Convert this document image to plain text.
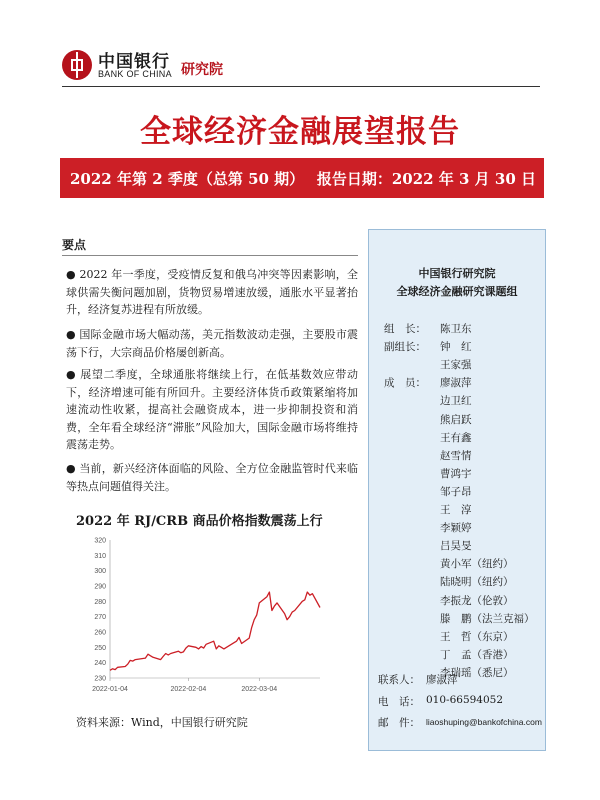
中国银行
BANK OF CHINA 研究院
全球经济金融展望报告
2022 年第 2 季度（总第 50 期） 报告日期：2022 年 3 月 30 日
要点
● 2022 年一季度，受疫情反复和俄乌冲突等因素影响，全球供需失衡问题加剧，货物贸易增速放缓，通胀水平显著抬升，经济复苏进程有所放缓。
● 国际金融市场大幅动荡，美元指数波动走强，主要股市震荡下行，大宗商品价格屡创新高。
● 展望二季度，全球通胀将继续上行，在低基数效应带动下，经济增速可能有所回升。主要经济体货币政策紧缩将加速流动性收紧，提高社会融资成本，进一步抑制投资和消费，全年看全球经济“滞胀”风险加大，国际金融市场将维持震荡走势。
● 当前，新兴经济体面临的风险、全方位金融监管时代来临等热点问题值得关注。
2022 年 RJ/CRB 商品价格指数震荡上行
230
240
250
260
270
280
290
300
310
320
2022-01-04	2022-02-04	2022-03-04
资料来源：Wind，中国银行研究院
中国银行研究院
全球经济金融研究课题组
组　长： 陈卫东
副组长： 钟　红
王家强
成　员： 廖淑萍
边卫红
熊启跃
王有鑫
赵雪情
曹鸿宇
邹子昂
王　淳
李颖婷
吕昊旻
黄小军（纽约）
陆晓明（纽约）
李振龙（伦敦）
滕　鹏（法兰克福）
王　哲（东京）
丁　孟（香港）
李瑞瑶（悉尼）
联系人： 廖淑萍
电　话： 010-66594052
邮　件： liaoshuping@bankofchina.com
